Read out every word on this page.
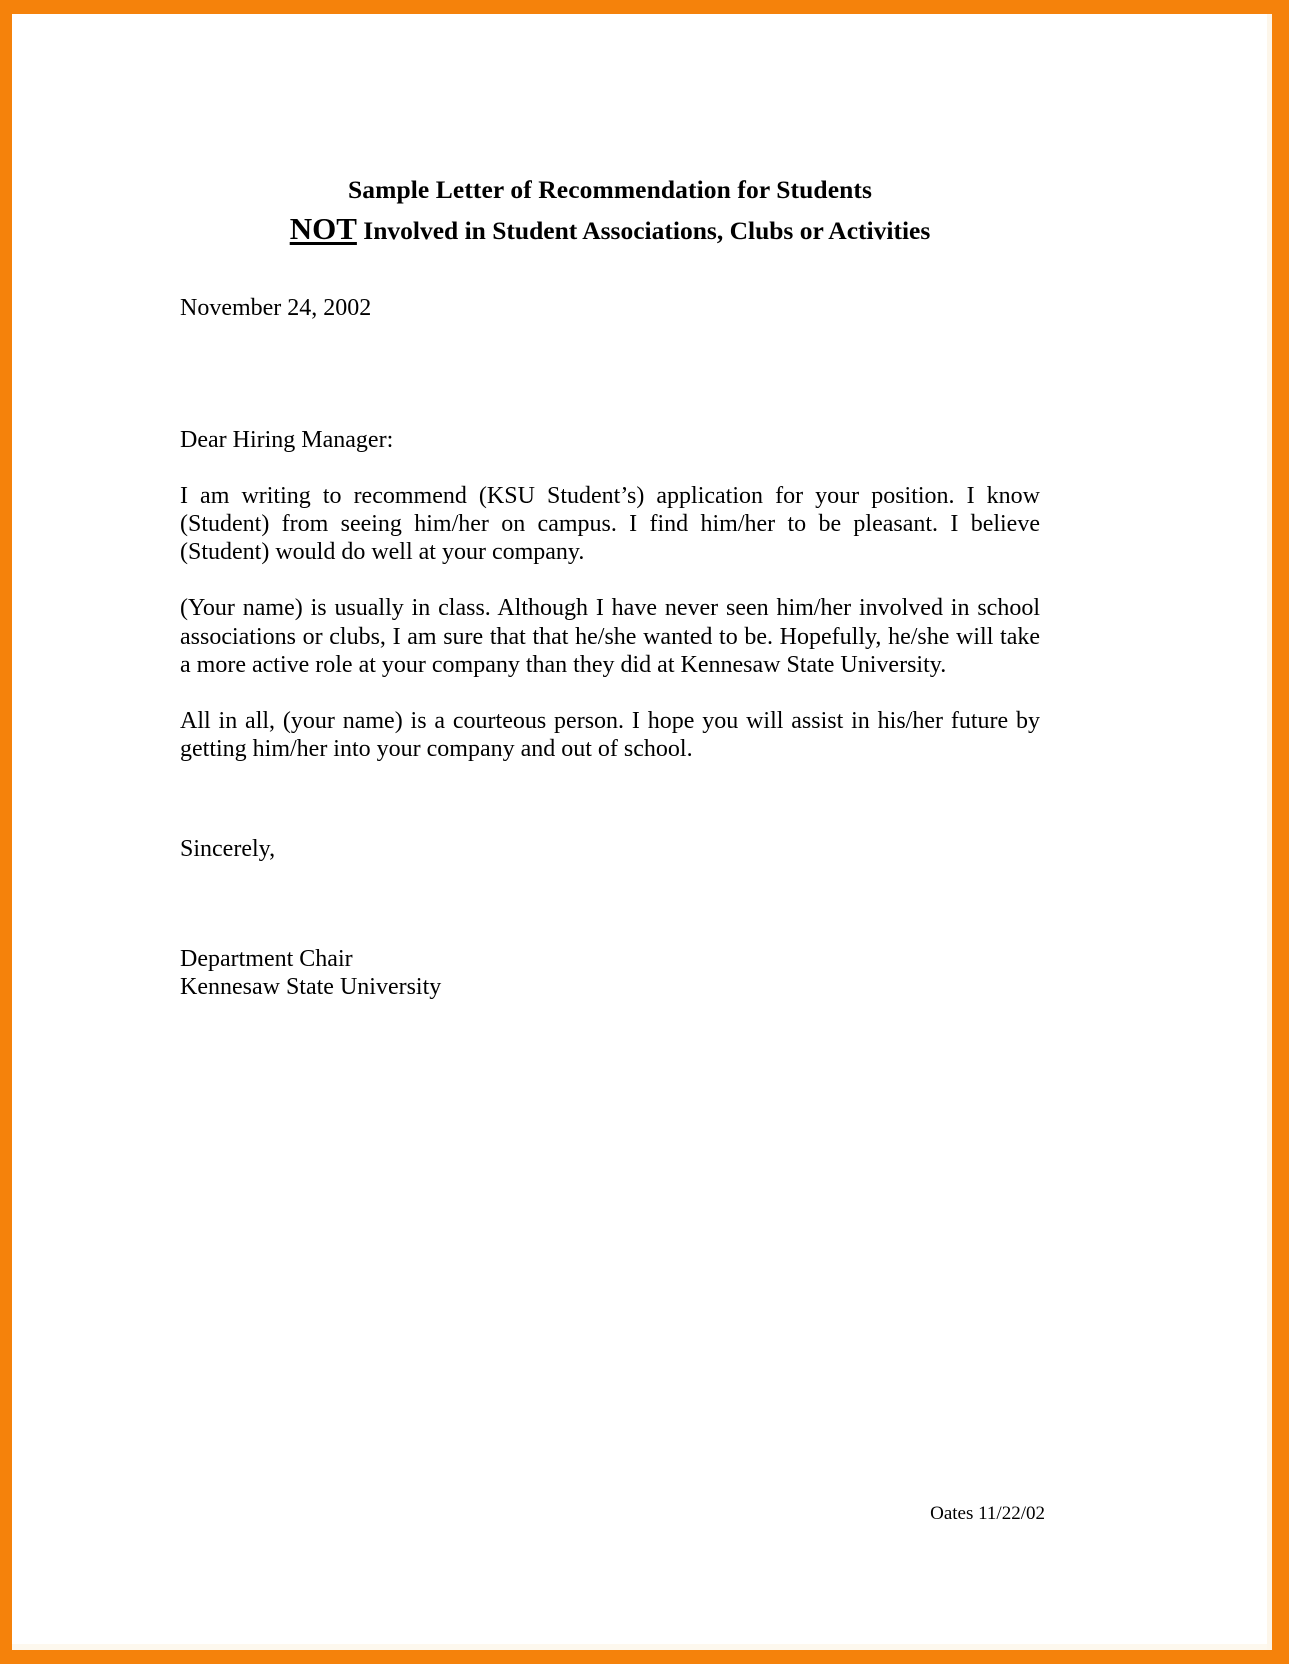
Sample Letter of Recommendation for Students
NOT Involved in Student Associations, Clubs or Activities
November 24, 2002
Dear Hiring Manager:

I am writing to recommend (KSU Student’s) application for your position. I know (Student) from seeing him/her on campus. I find him/her to be pleasant. I believe (Student) would do well at your company.

(Your name) is usually in class. Although I have never seen him/her involved in school associations or clubs, I am sure that that he/she wanted to be. Hopefully, he/she will take a more active role at your company than they did at Kennesaw State University.

All in all, (your name) is a courteous person. I hope you will assist in his/her future by getting him/her into your company and out of school.

Sincerely,
Department Chair
Kennesaw State University
Oates 11/22/02
